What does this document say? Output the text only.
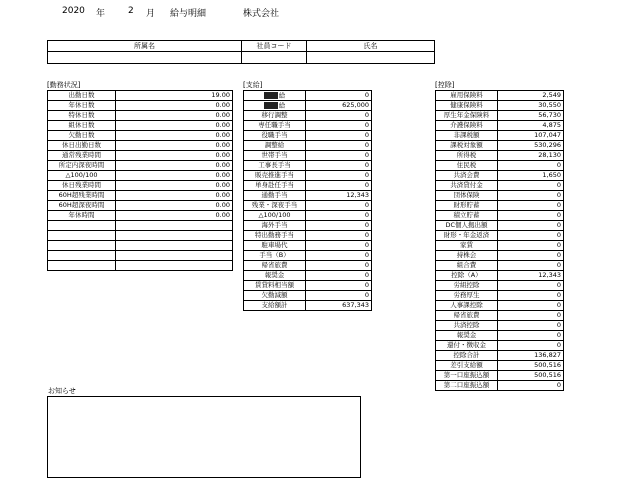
2020 年	2 月 給与明細	株式会社
所属名	社員コード	氏名
[勤務状況]	[支給]	[控除]
出勤日数	19.00
年休日数	0.00
特休日数	0.00
組休日数	0.00
欠勤日数	0.00
休日出勤日数	0.00
通常残業時間	0.00
所定内深夜時間	0.00
△100/100	0.00
休日残業時間	0.00
60H超残業時間	0.00
60H超深夜時間	0.00
年休時間	0.00

給	0
給	625,000
移行調整	0
専任職手当	0
役職手当	0
調整給	0
世帯手当	0
工事長手当	0
販売推進手当	0
単身赴任手当	0
通勤手当	12,343
残業・深夜手当	0
△100/100	0
海外手当	0
特出勤務手当	0
駐車場代	0
手当（B）	0
帰省旅費	0
報奨金	0
賃貸料相当額	0
欠勤減額	0
支給額計	637,343
雇用保険料	2,549
健康保険料	30,550
厚生年金保険料	56,730
介護保険料	4,875
非課税額	107,047
課税対象額	530,296
所得税	28,130
住民税	0
共済会費	1,650
共済貸付金	0
団体保険	0
財形貯蓄	0
積立貯蓄	0
DC個人拠出額	0
財形・年金返済	0
家賃	0
持株会	0
組合費	0
控除（A）	12,343
労組控除	0
労務厚生	0
人事課控除	0
帰省旅費	0
共済控除	0
報奨金	0
還付・徴収金	0
控除合計	136,827
差引支給額	500,516
第一口座振込額	500,516
第二口座振込額	0
お知らせ
